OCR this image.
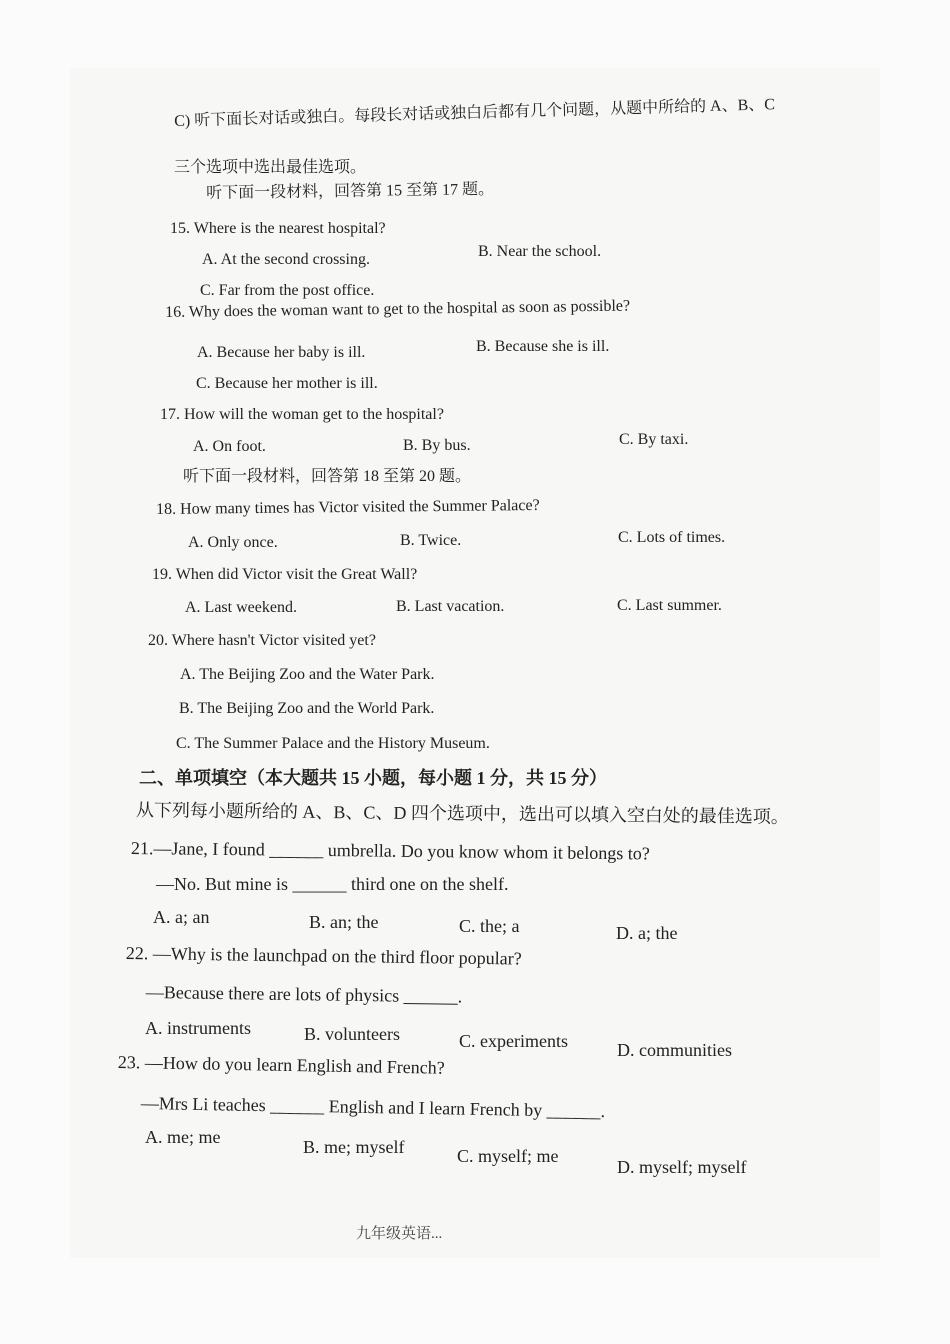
C) 听下面长对话或独白。每段长对话或独白后都有几个问题，从题中所给的 A、B、C
三个选项中选出最佳选项。
听下面一段材料，回答第 15 至第 17 题。
15. Where is the nearest hospital?
A. At the second crossing.	B. Near the school.
C. Far from the post office.
16. Why does the woman want to get to the hospital as soon as possible?
A. Because her baby is ill.	B. Because she is ill.
C. Because her mother is ill.
17. How will the woman get to the hospital?
A. On foot.	B. By bus.	C. By taxi.
听下面一段材料，回答第 18 至第 20 题。
18. How many times has Victor visited the Summer Palace?
A. Only once.	B. Twice.	C. Lots of times.
19. When did Victor visit the Great Wall?
A. Last weekend.	B. Last vacation.	C. Last summer.
20. Where hasn't Victor visited yet?
A. The Beijing Zoo and the Water Park.
B. The Beijing Zoo and the World Park.
C. The Summer Palace and the History Museum.
二、单项填空（本大题共 15 小题，每小题 1 分，共 15 分）
从下列每小题所给的 A、B、C、D 四个选项中，选出可以填入空白处的最佳选项。
21.—Jane, I found ______ umbrella. Do you know whom it belongs to?
—No. But mine is ______ third one on the shelf.
A. a; an	B. an; the	C. the; a	D. a; the
22. —Why is the launchpad on the third floor popular?
—Because there are lots of physics ______.
A. instruments	B. volunteers	C. experiments	D. communities
23. —How do you learn English and French?
—Mrs Li teaches ______ English and I learn French by ______.
A. me; me	B. me; myself	C. myself; me
D. myself; myself
九年级英语...
